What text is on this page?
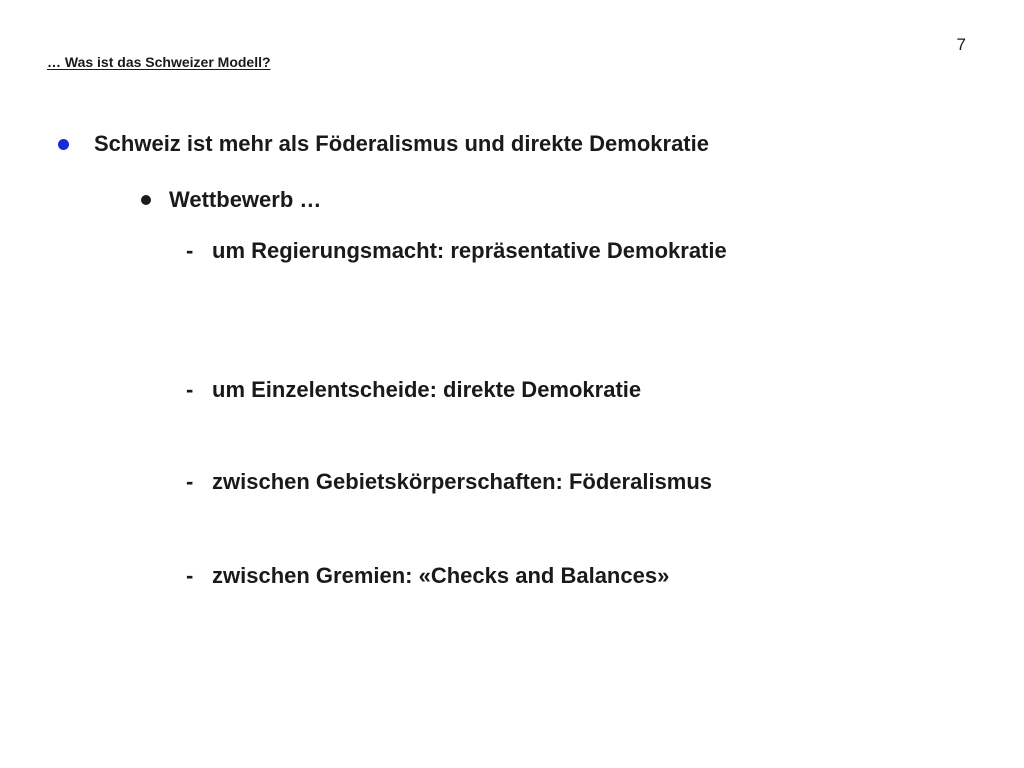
7
… Was ist das Schweizer Modell?
Schweiz ist mehr als Föderalismus und direkte Demokratie
Wettbewerb …
- um Regierungsmacht: repräsentative Demokratie
- um Einzelentscheide: direkte Demokratie
- zwischen Gebietskörperschaften: Föderalismus
- zwischen Gremien: «Checks and Balances»
